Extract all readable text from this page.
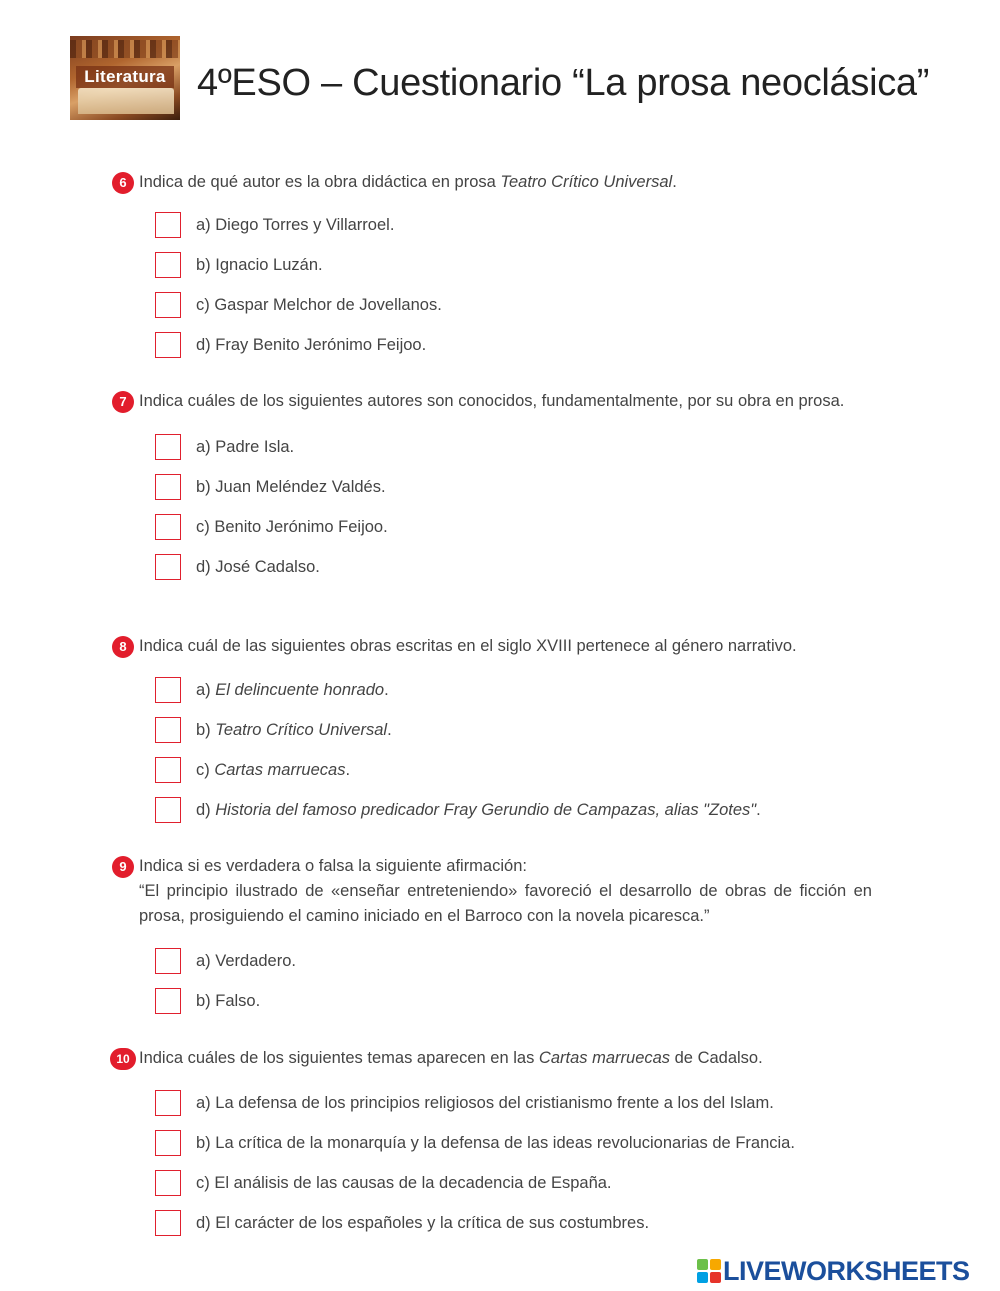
Literatura 4ºESO – Cuestionario “La prosa neoclásica”
6 Indica de qué autor es la obra didáctica en prosa Teatro Crítico Universal.
a) Diego Torres y Villarroel.
b) Ignacio Luzán.
c) Gaspar Melchor de Jovellanos.
d) Fray Benito Jerónimo Feijoo.
7 Indica cuáles de los siguientes autores son conocidos, fundamentalmente, por su obra en prosa.
a) Padre Isla.
b) Juan Meléndez Valdés.
c) Benito Jerónimo Feijoo.
d) José Cadalso.
8 Indica cuál de las siguientes obras escritas en el siglo XVIII pertenece al género narrativo.
a) El delincuente honrado.
b) Teatro Crítico Universal.
c) Cartas marruecas.
d) Historia del famoso predicador Fray Gerundio de Campazas, alias "Zotes".
9 Indica si es verdadera o falsa la siguiente afirmación:
“El principio ilustrado de «enseñar entreteniendo» favoreció el desarrollo de obras de ficción en prosa, prosiguiendo el camino iniciado en el Barroco con la novela picaresca.”
a) Verdadero.
b) Falso.
10 Indica cuáles de los siguientes temas aparecen en las Cartas marruecas de Cadalso.
a) La defensa de los principios religiosos del cristianismo frente a los del Islam.
b) La crítica de la monarquía y la defensa de las ideas revolucionarias de Francia.
c) El análisis de las causas de la decadencia de España.
d) El carácter de los españoles y la crítica de sus costumbres.
LIVEWORKSHEETS
